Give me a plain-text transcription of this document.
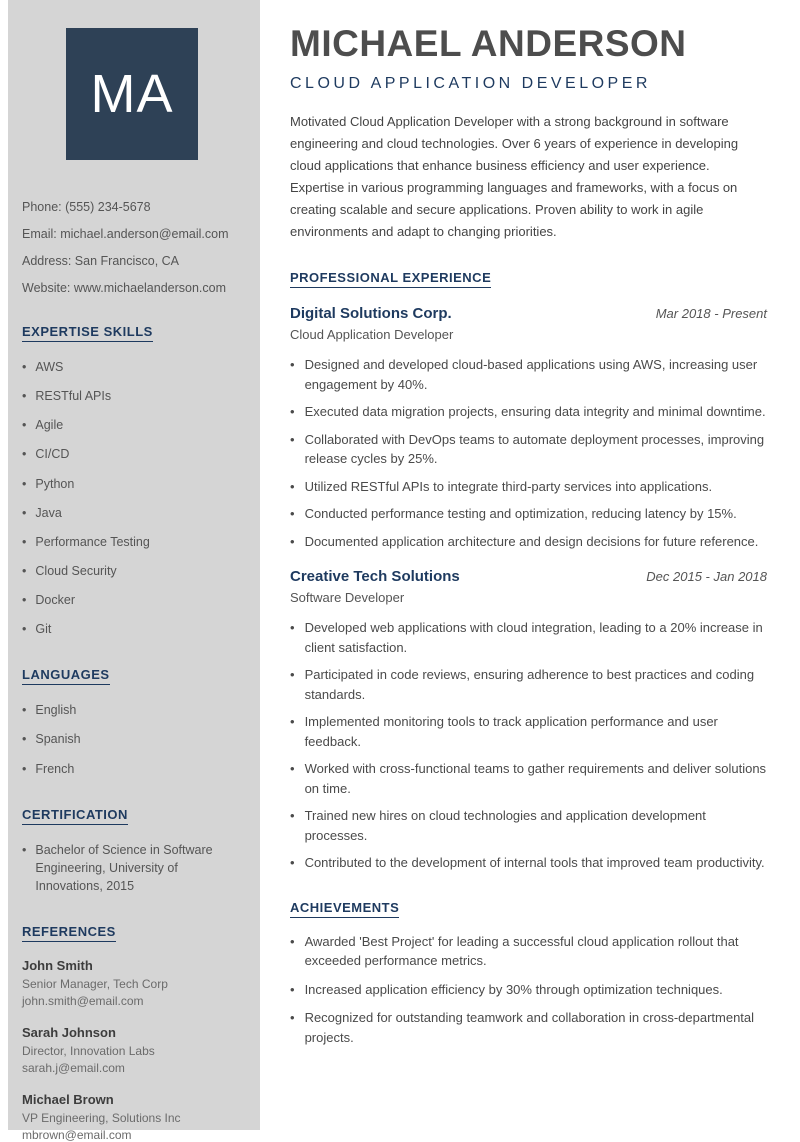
MA
Phone: (555) 234-5678
Email: michael.anderson@email.com
Address: San Francisco, CA
Website: www.michaelanderson.com
EXPERTISE SKILLS
• AWS
• RESTful APIs
• Agile
• CI/CD
• Python
• Java
• Performance Testing
• Cloud Security
• Docker
• Git
LANGUAGES
• English
• Spanish
• French
CERTIFICATION
• Bachelor of Science in Software Engineering, University of Innovations, 2015
REFERENCES
John Smith
Senior Manager, Tech Corp
john.smith@email.com
Sarah Johnson
Director, Innovation Labs
sarah.j@email.com
Michael Brown
VP Engineering, Solutions Inc
mbrown@email.com
MICHAEL ANDERSON
CLOUD APPLICATION DEVELOPER

Motivated Cloud Application Developer with a strong background in software engineering and cloud technologies. Over 6 years of experience in developing cloud applications that enhance business efficiency and user experience. Expertise in various programming languages and frameworks, with a focus on creating scalable and secure applications. Proven ability to work in agile environments and adapt to changing priorities.

PROFESSIONAL EXPERIENCE
Digital Solutions Corp.	Mar 2018 - Present
Cloud Application Developer
• Designed and developed cloud-based applications using AWS, increasing user engagement by 40%.
• Executed data migration projects, ensuring data integrity and minimal downtime.
• Collaborated with DevOps teams to automate deployment processes, improving release cycles by 25%.
• Utilized RESTful APIs to integrate third-party services into applications.
• Conducted performance testing and optimization, reducing latency by 15%.
• Documented application architecture and design decisions for future reference.
Creative Tech Solutions	Dec 2015 - Jan 2018
Software Developer
• Developed web applications with cloud integration, leading to a 20% increase in client satisfaction.
• Participated in code reviews, ensuring adherence to best practices and coding standards.
• Implemented monitoring tools to track application performance and user feedback.
• Worked with cross-functional teams to gather requirements and deliver solutions on time.
• Trained new hires on cloud technologies and application development processes.
• Contributed to the development of internal tools that improved team productivity.
ACHIEVEMENTS
• Awarded 'Best Project' for leading a successful cloud application rollout that exceeded performance metrics.
• Increased application efficiency by 30% through optimization techniques.
• Recognized for outstanding teamwork and collaboration in cross-departmental projects.
